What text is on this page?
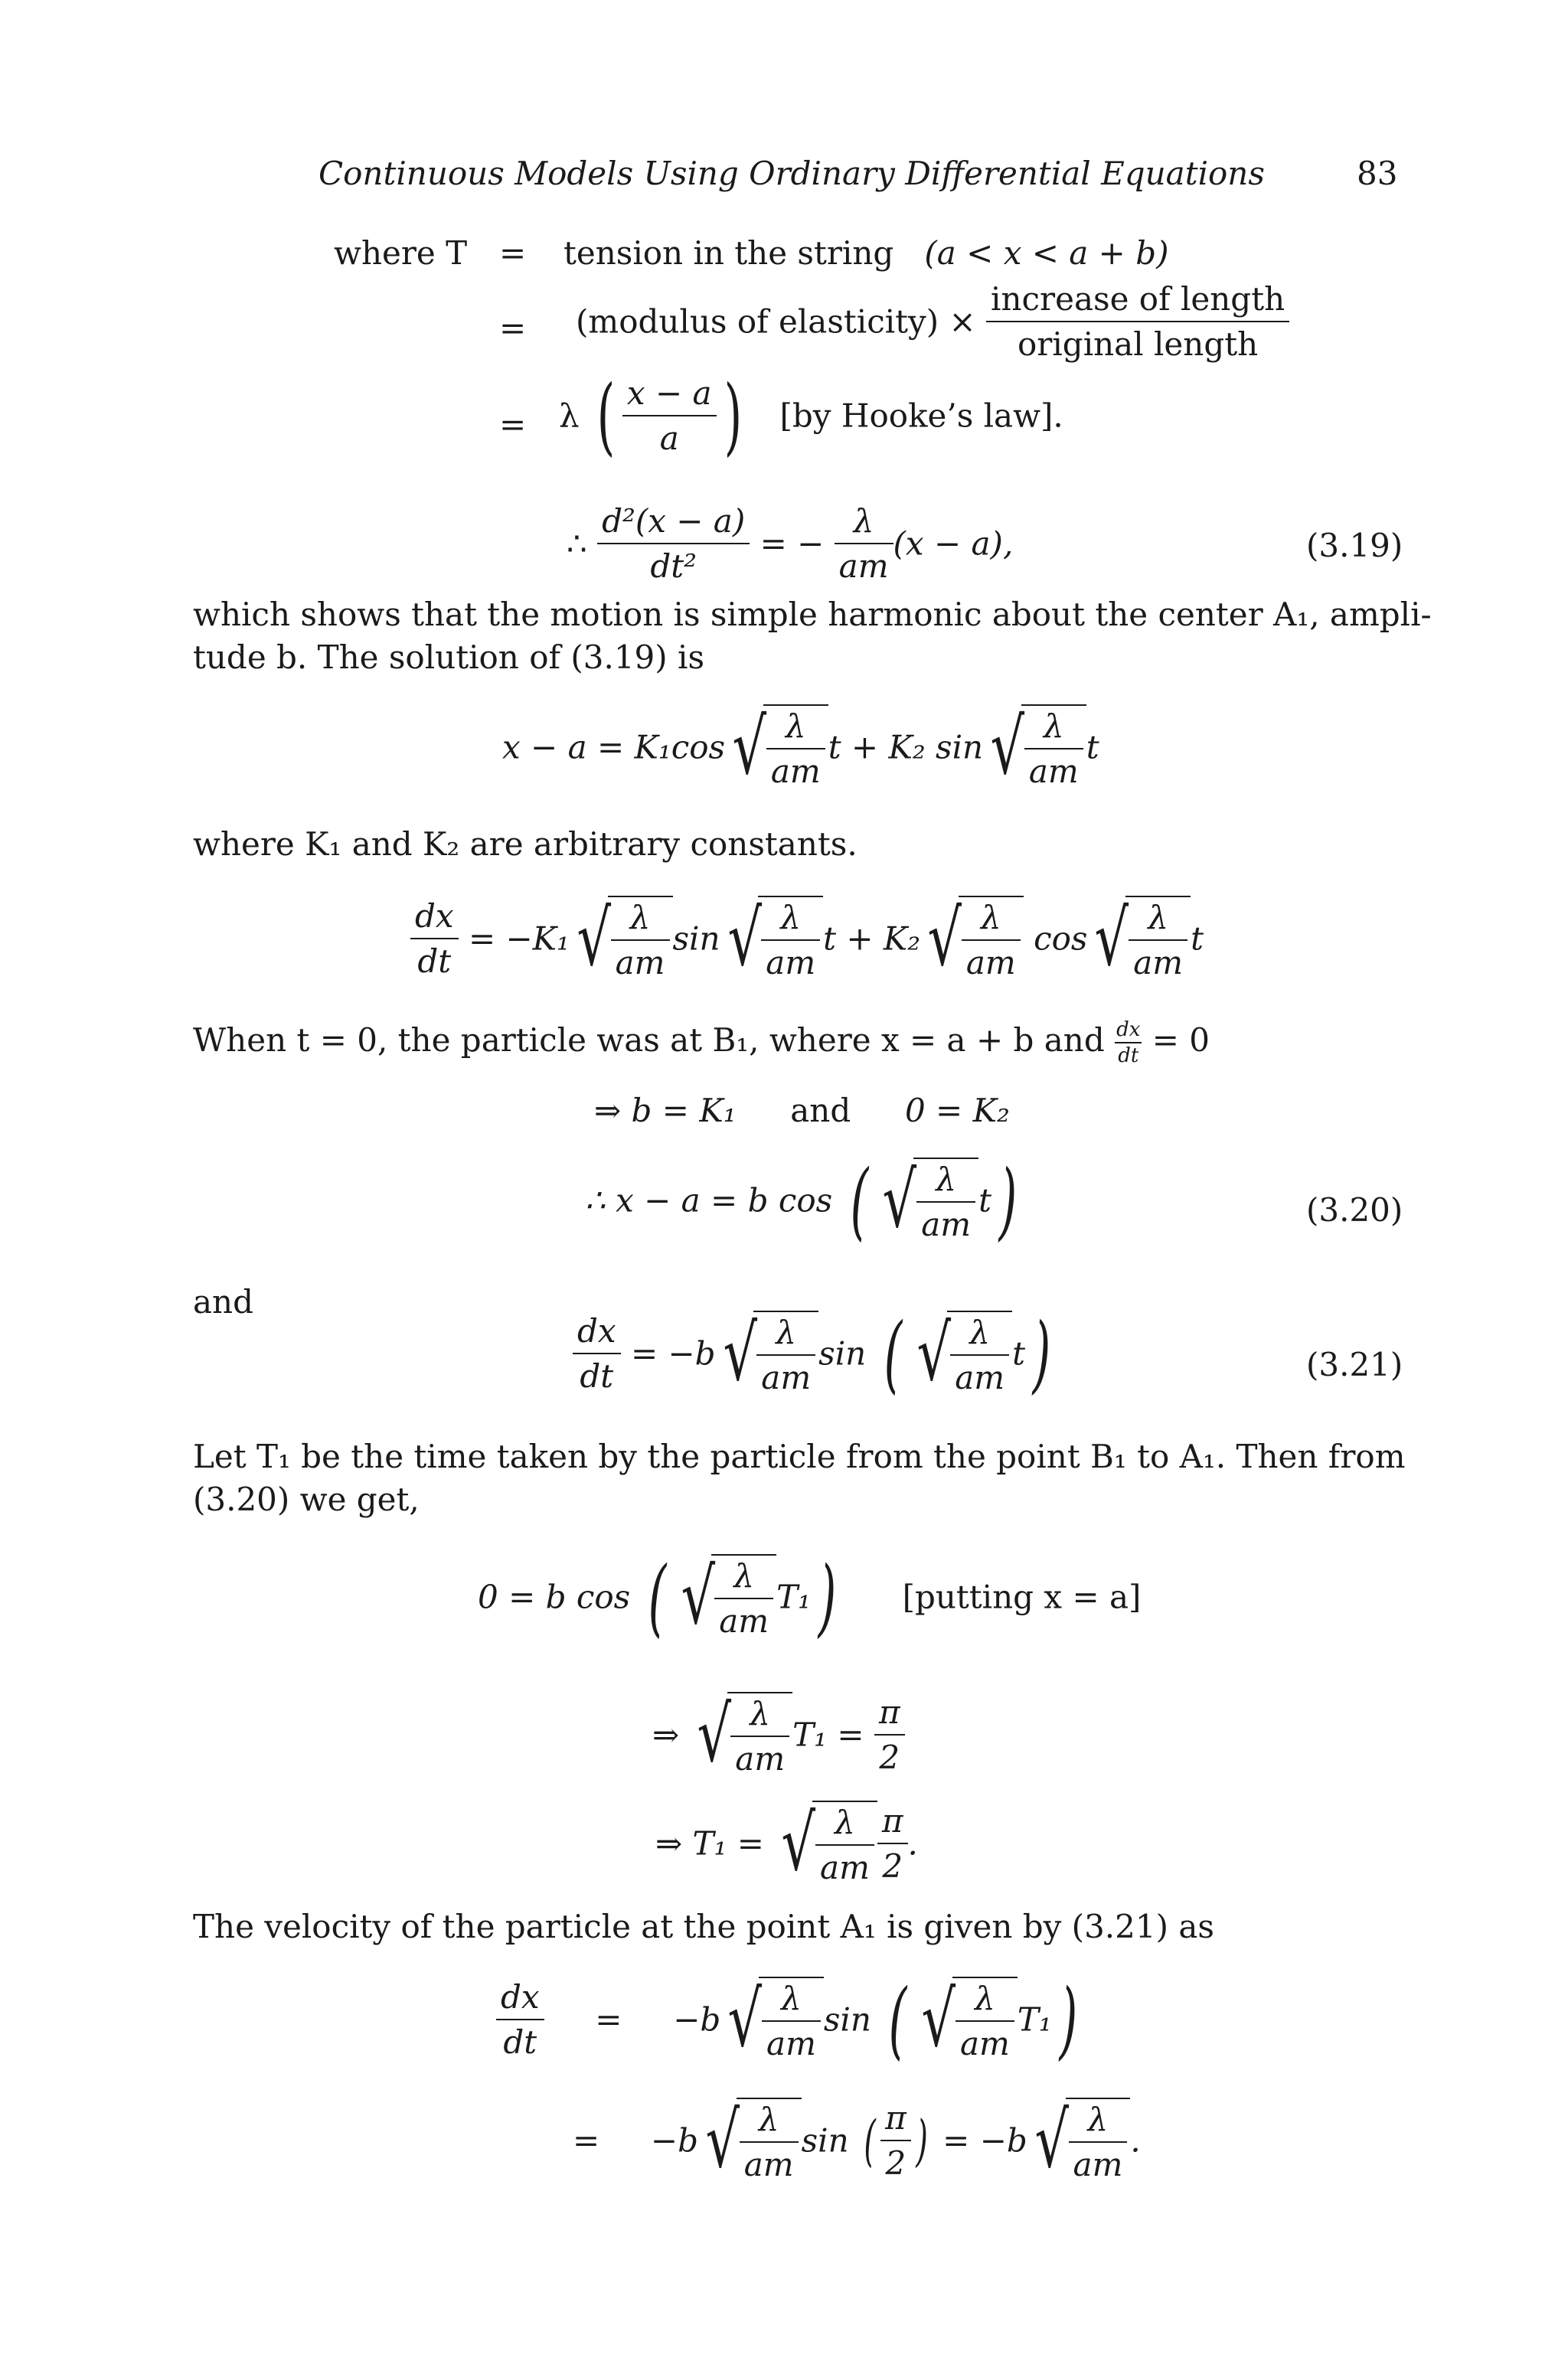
Continuous Models Using Ordinary Differential Equations	83
where T = tension in the string (a < x < a + b)
= (modulus of elasticity) × $\frac{\text{increase of length}}{\text{original length}}$
= λ ( $\frac{x - a}{a}$ ) [by Hooke’s law].
∴ $\frac{\text{d²(x − a)}}{\text{dt²}}$ = − $\frac{\lambda}{am} (x - a)$,	(3.19)
which shows that the motion is simple harmonic about the center A₁, ampli-
tude b. The solution of (3.19) is
$x - a = K_1\cos√ \frac{\lambda}{am}$ t + K₂ $\sin√ \frac{\lambda}{am}$ t
where K₁ and K₂ are arbitrary constants.
$\frac{dx}{dt} = -K_1√ \frac{\lambda}{am} \sin√ \frac{\lambda}{am}$ $t + K_2√ \frac{\lambda}{am} \cos√ \frac{\lambda}{am}$ t
When t = 0, the particle was at B₁, where x = a + b and $\frac{dx}{dt} = 0$
⇒ b = K₁ and 0 = K₂
∴ x − a = b cos ( √ $\frac{\lambda}{am} t$)	(3.20)
and
$\frac{dx}{dt} = -b√ \frac{\lambda}{am}$ sin ( √ $\frac{\lambda}{am} t$)	(3.21)
Let T₁ be the time taken by the particle from the point B₁ to A₁. Then from
(3.20) we get,
0 = b cos ( √ $\frac{\lambda}{am} T_1$) [putting x = a]
⇒ √ $\frac{\lambda}{am} T_1 = \frac{\pi}{2}$
⇒ T₁ = √ $\frac{\lambda}{am} \frac{\pi}{2}$ .
The velocity of the particle at the point A₁ is given by (3.21) as
$\frac{dx}{dt} = -b√ \frac{\lambda}{am}$ sin ( √ $\frac{\lambda}{am} T_1$)
= $-b√ \frac{\lambda}{am}$ sin ( $\frac{\pi}{2}$ ) = $-b√ \frac{\lambda}{am}$ .
